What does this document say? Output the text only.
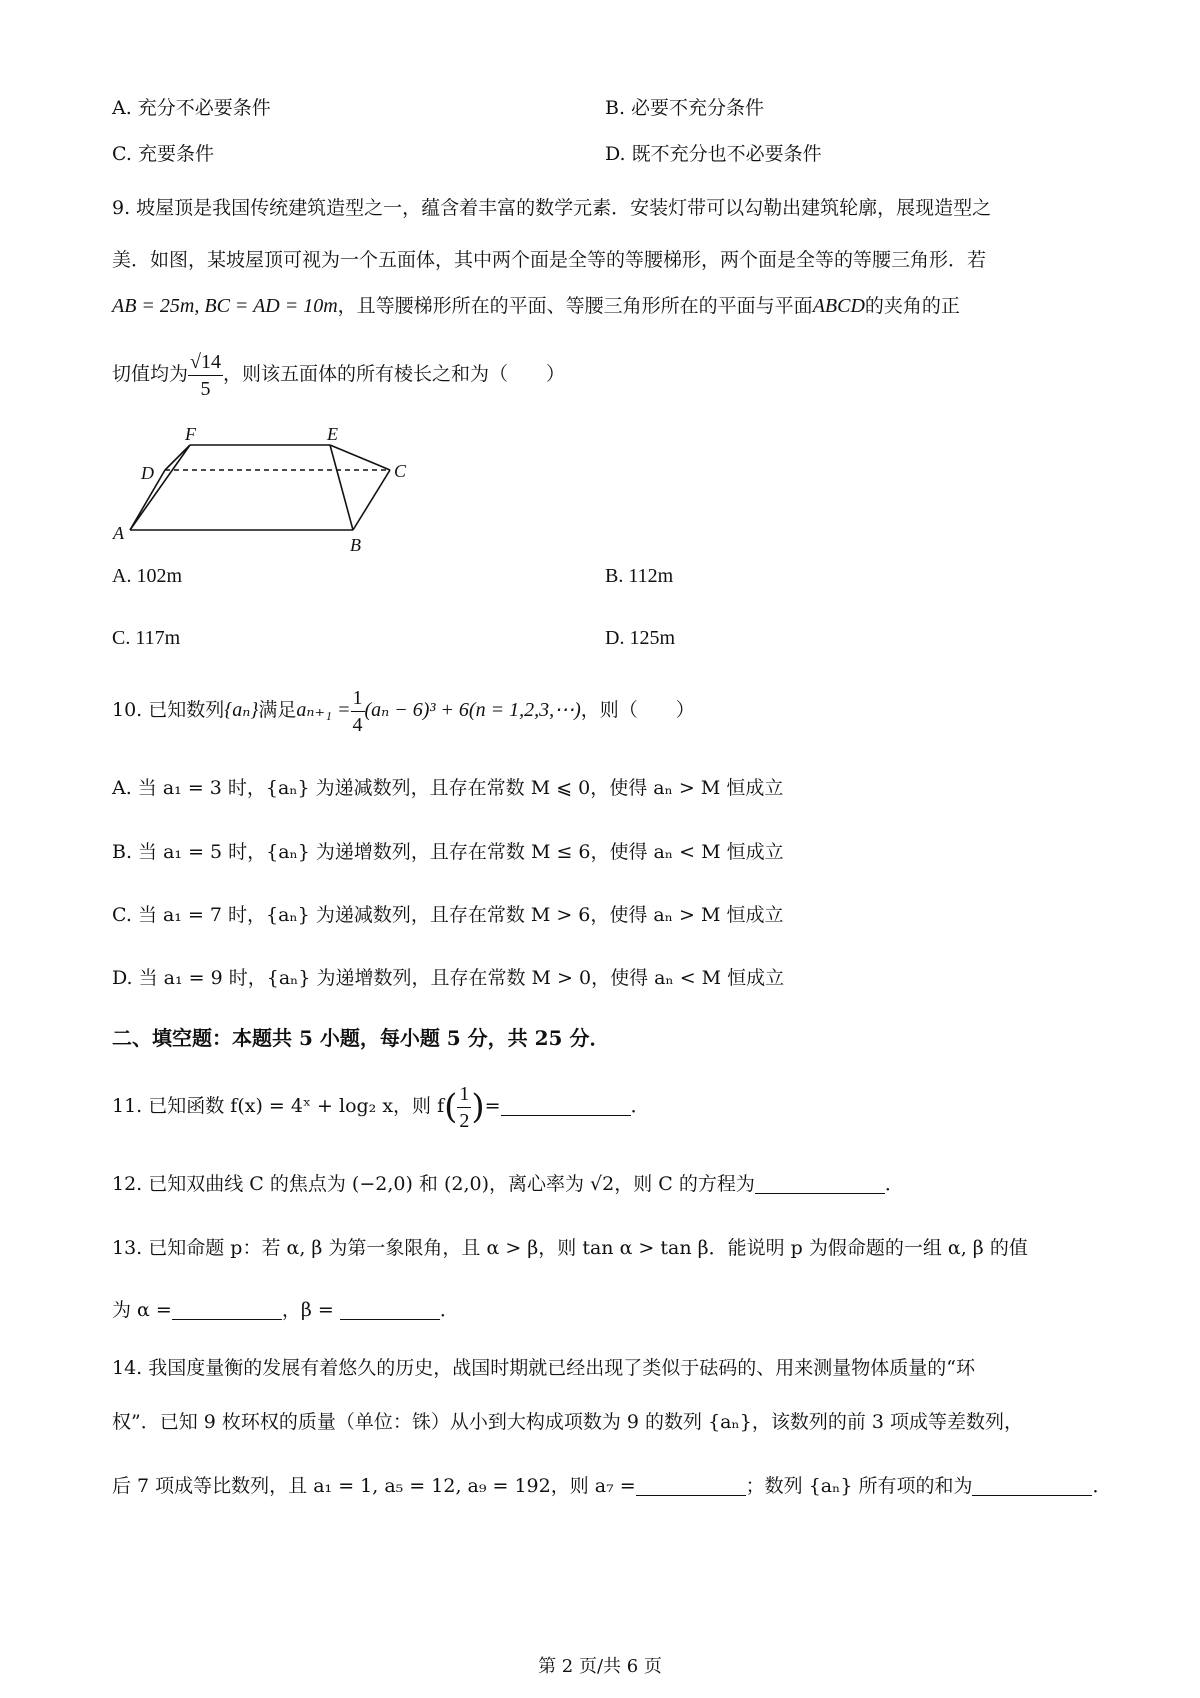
A. 充分不必要条件	B. 必要不充分条件
C. 充要条件	D. 既不充分也不必要条件
9. 坡屋顶是我国传统建筑造型之一，蕴含着丰富的数学元素．安装灯带可以勾勒出建筑轮廓，展现造型之
美．如图，某坡屋顶可视为一个五面体，其中两个面是全等的等腰梯形，两个面是全等的等腰三角形．若
AB = 25m, BC = AD = 10m，且等腰梯形所在的平面、等腰三角形所在的平面与平面ABCD的夹角的正
切值均为 $\frac{√14}{5}$ ，则该五面体的所有棱长之和为（　　）
A
B
C
D
E
F
A. 102m	B. 112m
C. 117m	D. 125m
10. 已知数列{aₙ}满足$a_{n+1} = \frac{1}{4} (a_n - 6)^3 + 6(n$ = 1,2,3,⋯)，则（　　）
A. 当 a₁ = 3 时，{aₙ} 为递减数列，且存在常数 M ⩽ 0，使得 aₙ > M 恒成立
B. 当 a₁ = 5 时，{aₙ} 为递增数列，且存在常数 M ≤ 6，使得 aₙ < M 恒成立
C. 当 a₁ = 7 时，{aₙ} 为递减数列，且存在常数 M > 6，使得 aₙ > M 恒成立
D. 当 a₁ = 9 时，{aₙ} 为递增数列，且存在常数 M > 0，使得 aₙ < M 恒成立
二、填空题：本题共 5 小题，每小题 5 分，共 25 分．
11. 已知函数 f(x) = 4ˣ + log₂ x，则 $f( \frac{1}{2}$ )=	．
12. 已知双曲线 C 的焦点为 (−2,0) 和 (2,0)，离心率为 √2，则 C 的方程为	．
13. 已知命题 p：若 α, β 为第一象限角，且 α > β，则 tan α > tan β．能说明 p 为假命题的一组 α, β 的值
为 α =	，β =	．
14. 我国度量衡的发展有着悠久的历史，战国时期就已经出现了类似于砝码的、用来测量物体质量的“环
权”．已知 9 枚环权的质量（单位：铢）从小到大构成项数为 9 的数列 {aₙ}，该数列的前 3 项成等差数列，
后 7 项成等比数列，且 a₁ = 1, a₅ = 12, a₉ = 192，则 a₇ =	；数列 {aₙ} 所有项的和为	．
第 2 页/共 6 页
